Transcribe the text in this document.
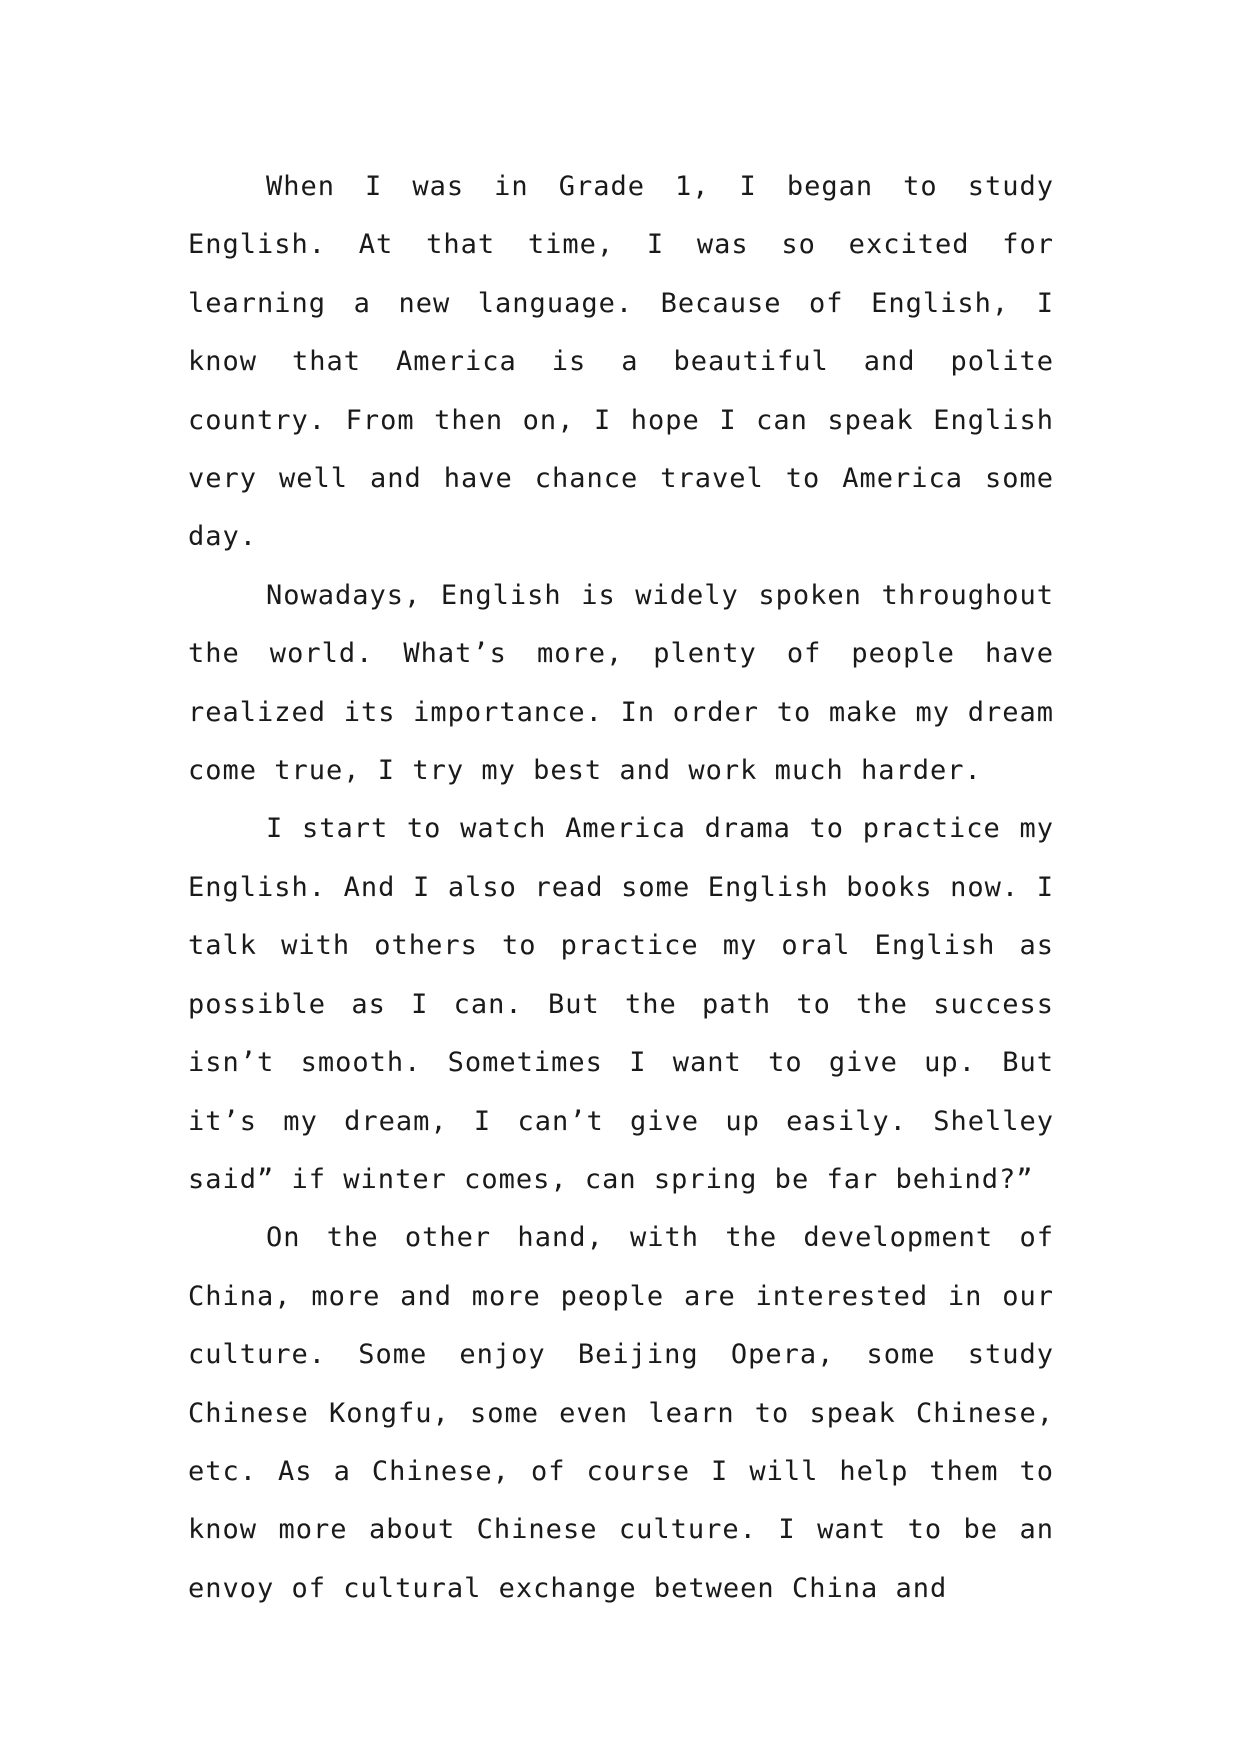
When I was in Grade 1, I began to study English. At that time, I was so excited for learning a new language. Because of English, I know that America is a beautiful and polite country. From then on, I hope I can speak English very well and have chance travel to America some day.

Nowadays, English is widely spoken throughout the world. What’s more, plenty of people have realized its importance. In order to make my dream come true, I try my best and work much harder.

I start to watch America drama to practice my English. And I also read some English books now. I talk with others to practice my oral English as possible as I can. But the path to the success isn’t smooth. Sometimes I want to give up. But it’s my dream, I can’t give up easily. Shelley said” if winter comes, can spring be far behind?”

On the other hand, with the development of China, more and more people are interested in our culture. Some enjoy Beijing Opera, some study Chinese Kongfu, some even learn to speak Chinese, etc. As a Chinese, of course I will help them to know more about Chinese culture. I want to be an envoy of cultural exchange between China and
